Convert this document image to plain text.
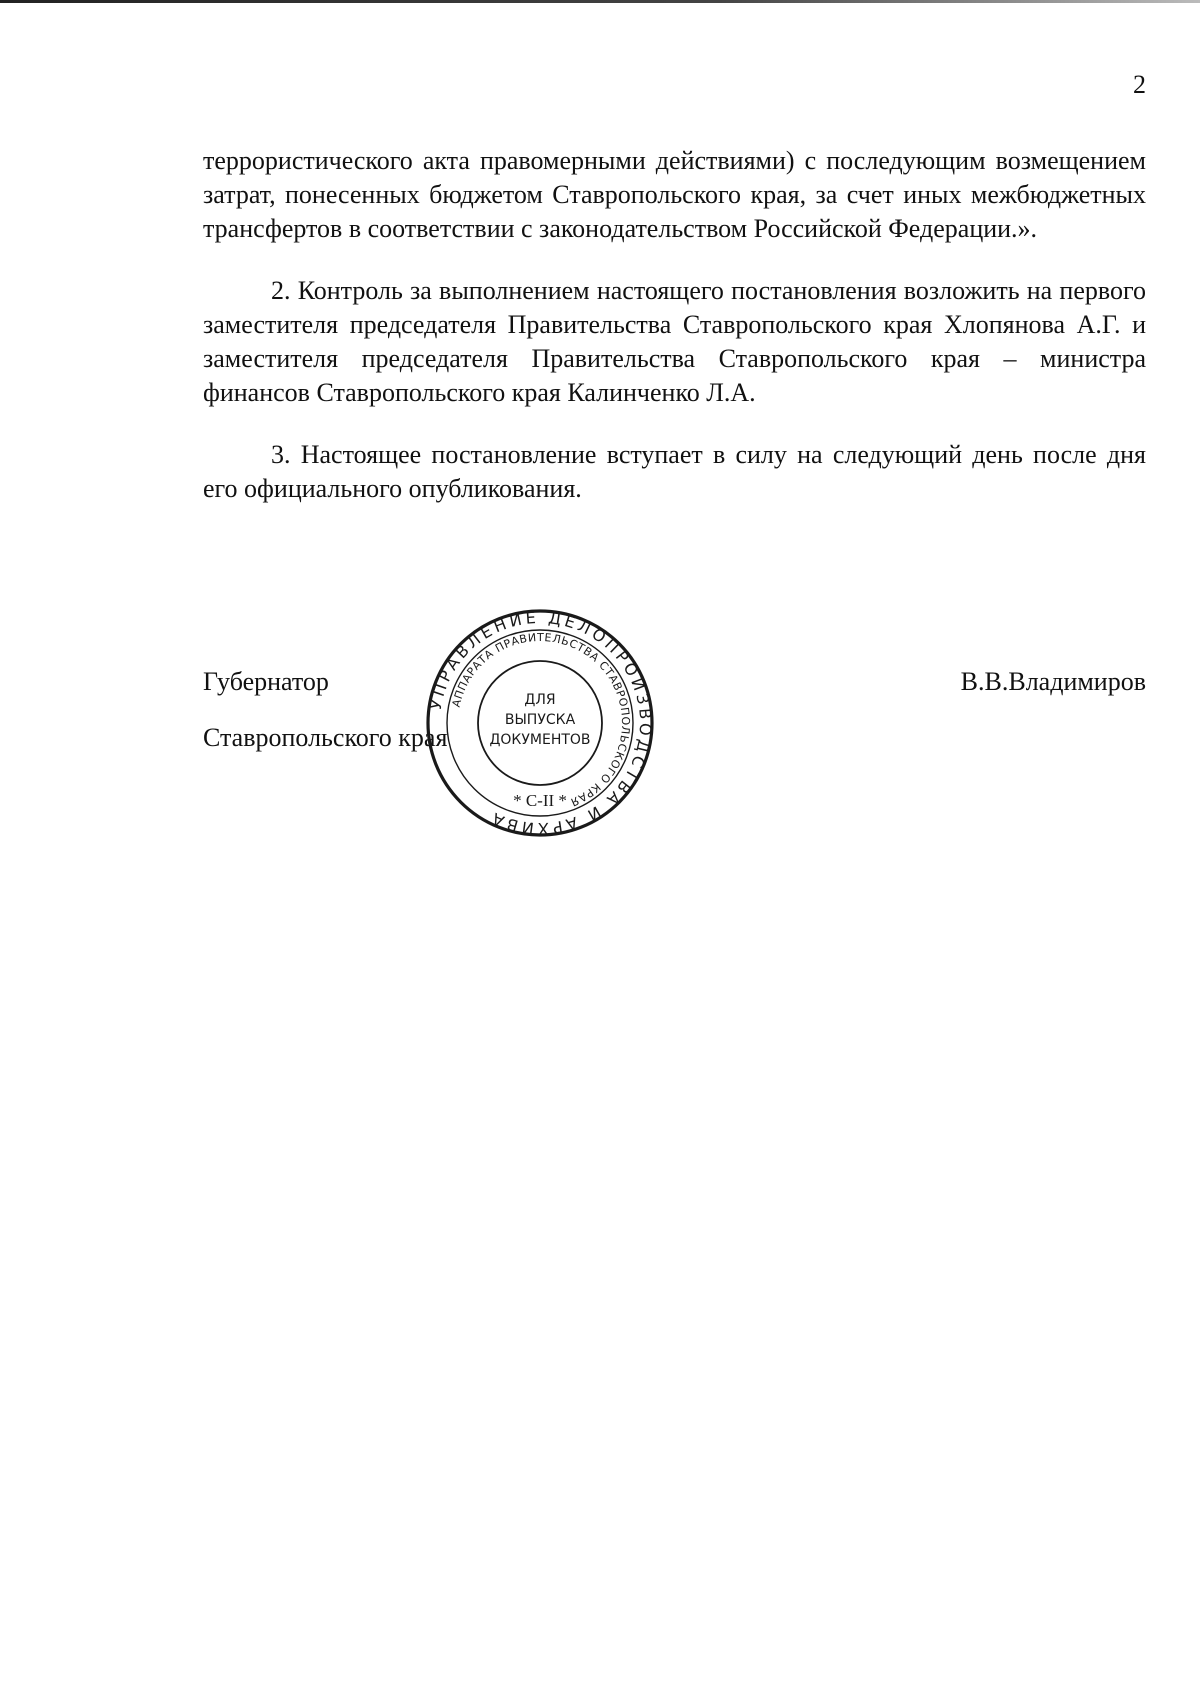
2

террористического акта правомерными действиями) с последующим возмещением затрат, понесенных бюджетом Ставропольского края, за счет иных межбюджетных трансфертов в соответствии с законодательством Российской Федерации.».

2. Контроль за выполнением настоящего постановления возложить на первого заместителя председателя Правительства Ставропольского края Хлопянова А.Г. и заместителя председателя Правительства Ставропольского края – министра финансов Ставропольского края Калинченко Л.А.

3. Настоящее постановление вступает в силу на следующий день после дня его официального опубликования.

Губернатор

Ставропольского края

В.В.Владимиров
УПРАВЛЕНИЕ ДЕЛОПРОИЗВОДСТВА И АРХИВА
АППАРАТА ПРАВИТЕЛЬСТВА СТАВРОПОЛЬСКОГО КРАЯ
ДЛЯ
ВЫПУСКА
ДОКУМЕНТОВ
* С-II *
